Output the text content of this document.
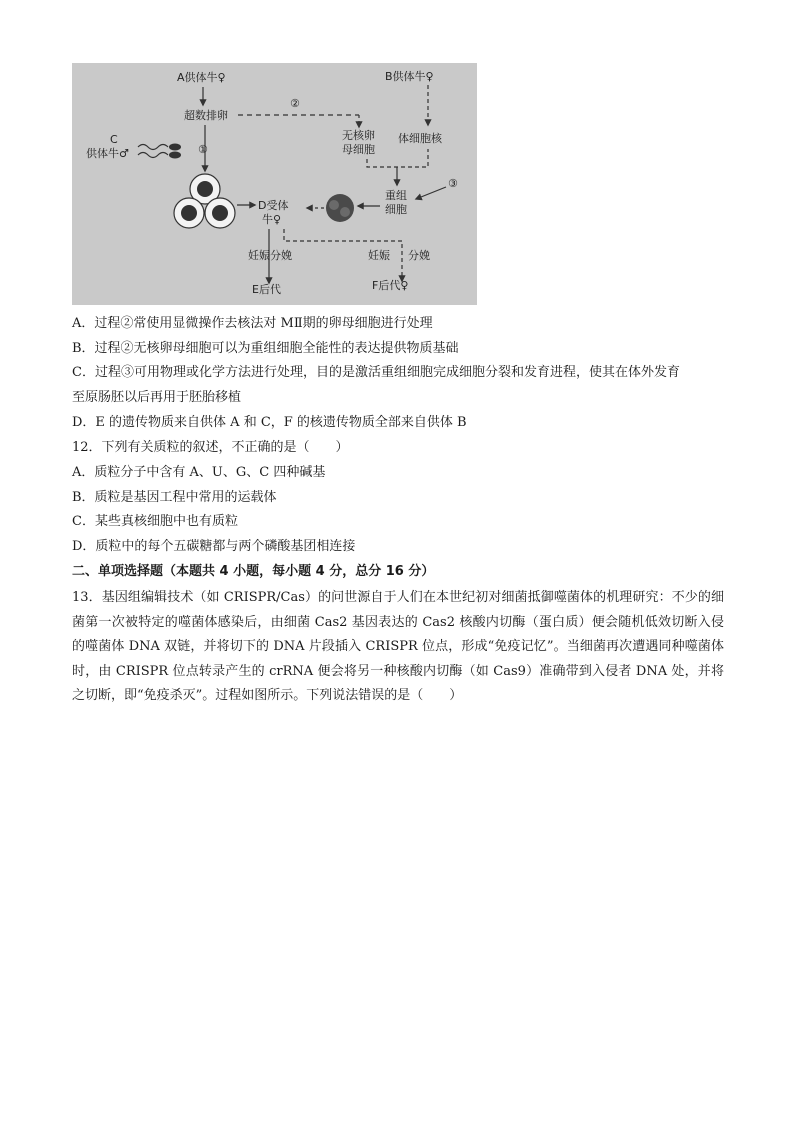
A供体牛♀
超数排卵
②
无核卵
母细胞
B供体牛♀
体细胞核
重组
细胞
③
C
供体牛♂	①
D受体
牛♀
妊娠分娩	妊娠 分娩
E后代	F后代♀
A．过程②常使用显微操作去核法对 MⅡ期的卵母细胞进行处理
B．过程②无核卵母细胞可以为重组细胞全能性的表达提供物质基础
C．过程③可用物理或化学方法进行处理，目的是激活重组细胞完成细胞分裂和发育进程，使其在体外发育
至原肠胚以后再用于胚胎移植
D．E 的遗传物质来自供体 A 和 C，F 的核遗传物质全部来自供体 B
12．下列有关质粒的叙述，不正确的是（　　）
A．质粒分子中含有 A、U、G、C 四种碱基
B．质粒是基因工程中常用的运载体
C．某些真核细胞中也有质粒
D．质粒中的每个五碳糖都与两个磷酸基团相连接
二、单项选择题（本题共 4 小题，每小题 4 分，总分 16 分）
13．基因组编辑技术（如 CRISPR/Cas）的问世源自于人们在本世纪初对细菌抵御噬菌体的机理研究：不少的细菌第一次被特定的噬菌体感染后，由细菌 Cas2 基因表达的 Cas2 核酸内切酶（蛋白质）便会随机低效切断入侵的噬菌体 DNA 双链，并将切下的 DNA 片段插入 CRISPR 位点，形成“免疫记忆”。当细菌再次遭遇同种噬菌体时，由 CRISPR 位点转录产生的 crRNA 便会将另一种核酸内切酶（如 Cas9）准确带到入侵者 DNA 处，并将之切断，即“免疫杀灭”。过程如图所示。下列说法错误的是（　　）
